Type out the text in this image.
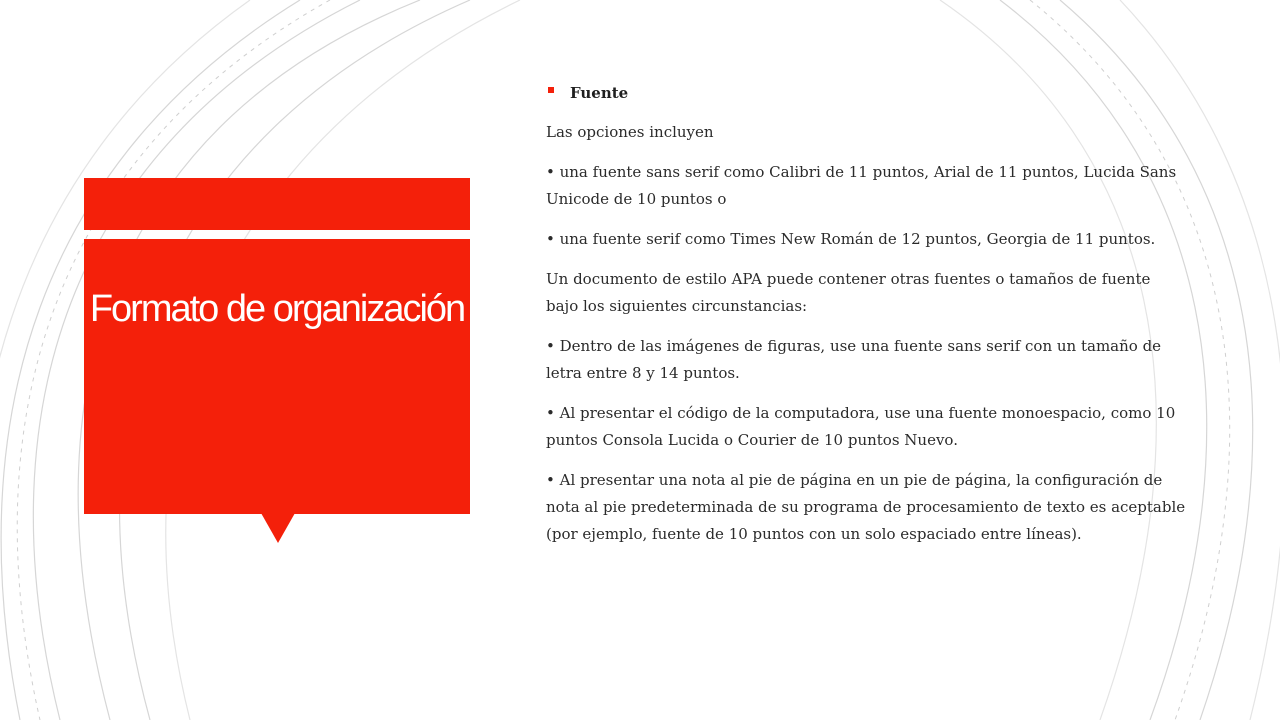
Formato de organización
Fuente

Las opciones incluyen

• una fuente sans serif como Calibri de 11 puntos, Arial de 11 puntos, Lucida Sans Unicode de 10 puntos o

• una fuente serif como Times New Román de 12 puntos, Georgia de 11 puntos.

Un documento de estilo APA puede contener otras fuentes o tamaños de fuente bajo los siguientes circunstancias:

• Dentro de las imágenes de figuras, use una fuente sans serif con un tamaño de letra entre 8 y 14 puntos.

• Al presentar el código de la computadora, use una fuente monoespacio, como 10 puntos Consola Lucida o Courier de 10 puntos Nuevo.

• Al presentar una nota al pie de página en un pie de página, la configuración de nota al pie predeterminada de su programa de procesamiento de texto es aceptable (por ejemplo, fuente de 10 puntos con un solo espaciado entre líneas).
